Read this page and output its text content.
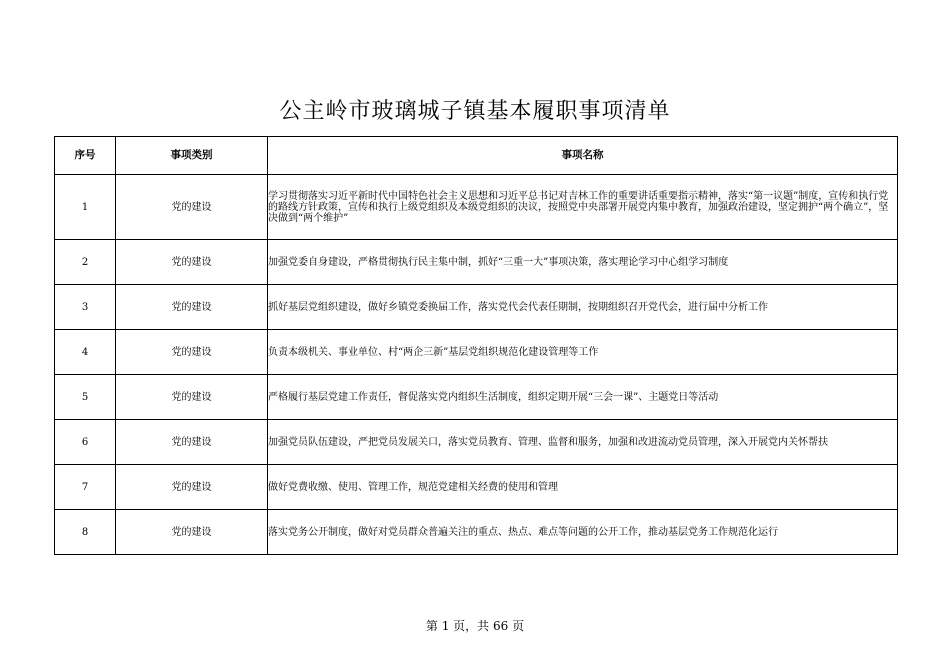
公主岭市玻璃城子镇基本履职事项清单
序号	事项类别	事项名称
1	党的建设	学习贯彻落实习近平新时代中国特色社会主义思想和习近平总书记对吉林工作的重要讲话重要指示精神，落实“第一议题”制度，宣传和执行党的路线方针政策，宣传和执行上级党组织及本级党组织的决议，按照党中央部署开展党内集中教育，加强政治建设，坚定拥护“两个确立”，坚决做到“两个维护”
2	党的建设	加强党委自身建设，严格贯彻执行民主集中制，抓好“三重一大”事项决策，落实理论学习中心组学习制度
3	党的建设	抓好基层党组织建设，做好乡镇党委换届工作，落实党代会代表任期制，按期组织召开党代会，进行届中分析工作
4	党的建设	负责本级机关、事业单位、村“两企三新”基层党组织规范化建设管理等工作
5	党的建设	严格履行基层党建工作责任，督促落实党内组织生活制度，组织定期开展“三会一课”、主题党日等活动
6	党的建设	加强党员队伍建设，严把党员发展关口，落实党员教育、管理、监督和服务，加强和改进流动党员管理，深入开展党内关怀帮扶
7	党的建设	做好党费收缴、使用、管理工作，规范党建相关经费的使用和管理
8	党的建设	落实党务公开制度，做好对党员群众普遍关注的重点、热点、难点等问题的公开工作，推动基层党务工作规范化运行
第 1 页，共 66 页
